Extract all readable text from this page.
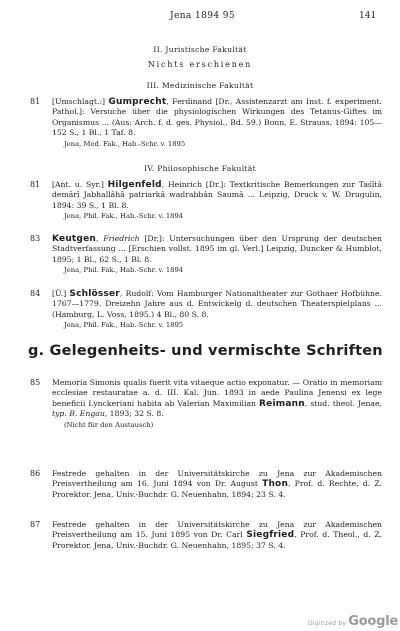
Jena 1894 95	141
II. Juristische Fakultät
Nichts erschienen
III. Medizinische Fakultät
81 [Umschlagt.:] Gumprecht, Ferdinand [Dr., Assistenzarzt am Inst. f. experiment. Pathol.]: Versuche über die physiologischen Wirkungen des Tetanus-Giftes im Organismus ... (Aus: Arch. f. d. ges. Physiol., Bd. 59.) Bonn, E. Strauss, 1894: 105—152 S., 1 Bl., 1 Taf. 8.
Jena, Med. Fak., Hab.-Schr. v. 1895
IV. Philosophische Fakultät
81 [Ant. u. Syr.] Hilgenfeld, Heinrich [Dr.]: Textkritische Bemerkungen zur Taśîtâ demârî Jabhallâhâ patriarkâ wadrabbân Saumâ ... Leipzig, Druck v. W. Drugulin, 1894: 39 S., 1 Bl. 8.
Jena, Phil. Fak., Hab.-Schr. v. 1894
83 Keutgen, Friedrich [Dr.]: Untersuchungen über den Ursprung der deutschen Stadtverfassung ... [Erschien vollst. 1895 im gl. Verl.] Leipzig, Duncker & Humblot, 1895; 1 Bl., 62 S., 1 Bl. 8.
Jena, Phil. Fak., Hab.-Schr. v. 1894
84 [Ü.] Schlösser, Rudolf: Vom Hamburger Nationaltheater zur Gothaer Hofbühne. 1767—1779. Dreizehn Jahre aus d. Entwickelg d. deutschen Theaterspielplans ... (Hamburg, L. Voss, 1895.) 4 Bl., 80 S. 8.
Jena, Phil. Fak., Hab.-Schr. v. 1895
g. Gelegenheits- und vermischte Schriften
85 Memoria Simonis qualis fuerit vita vitaeque actio exponatur. — Oratio in memoriam ecclesiae restauratae a. d. III. Kal. Jun. 1893 in aede Paulina Jenensi ex lege beneficii Lynckeriani habita ab Valerian Maximilian Reimann, stud. theol. Jenae, typ. B. Engau, 1893; 32 S. 8.
(Nicht für den Austausch)
86 Festrede gehalten in der Universitätskirche zu Jena zur Akademischen Preisvertheilung am 16. Juni 1894 von Dr. August Thon, Prof. d. Rechte, d. Z. Prorektor. Jena, Univ.-Buchdr. G. Neuenhahn, 1894; 23 S. 4.
87 Festrede gehalten in der Universitätskirche zu Jena zur Akademischen Preisvertheilung am 15. Juni 1895 von Dr. Carl Siegfried, Prof. d. Theol., d. Z. Prorektor. Jena, Univ.-Buchdr. G. Neuenhahn, 1895; 37 S. 4.
Digitized by Google
